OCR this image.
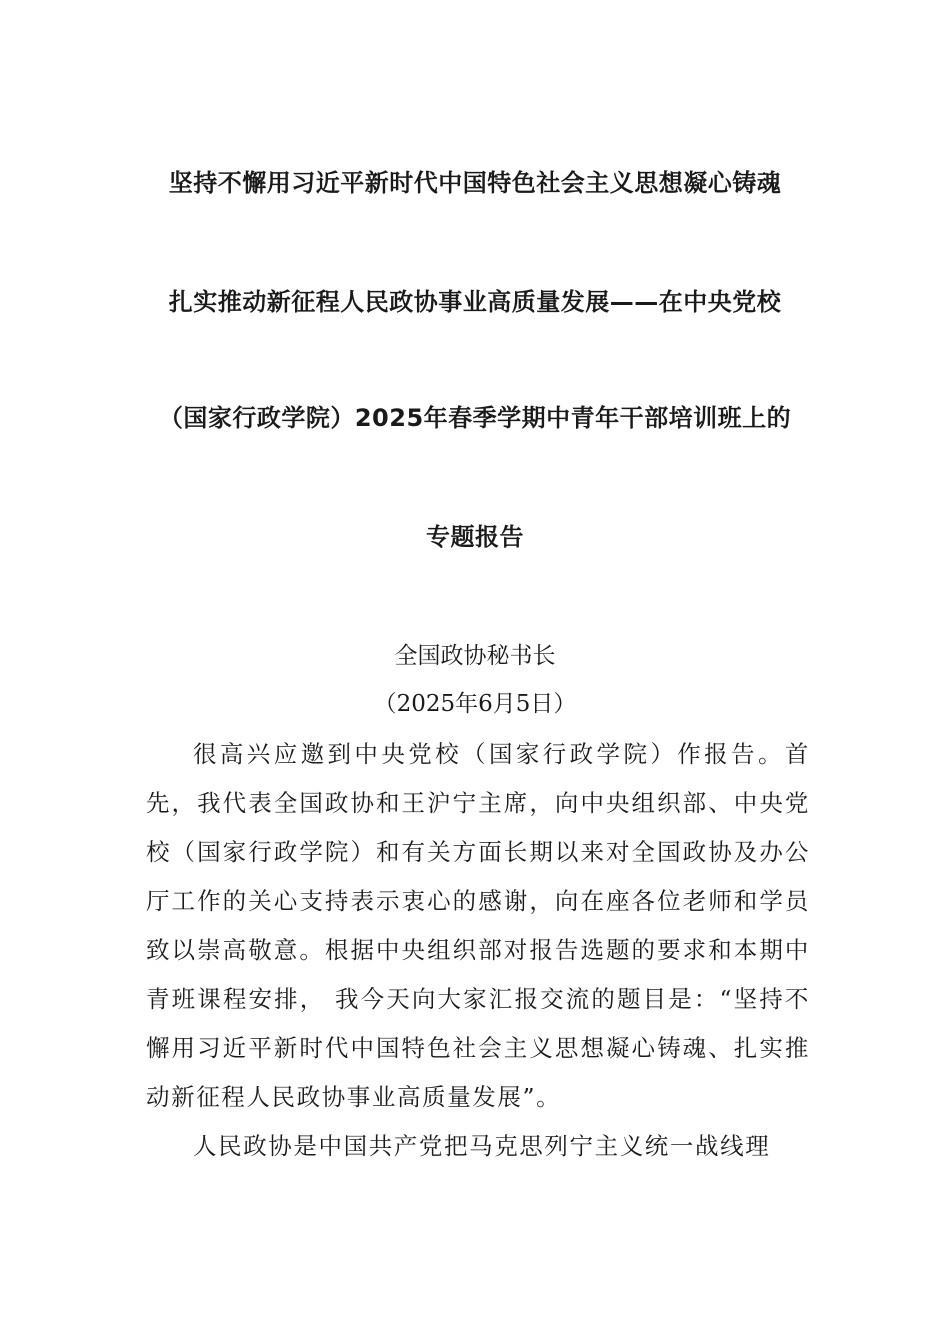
坚持不懈用习近平新时代中国特色社会主义思想凝心铸魂
扎实推动新征程人民政协事业高质量发展——在中央党校
（国家行政学院）2025年春季学期中青年干部培训班上的
专题报告
全国政协秘书长
（2025年6月5日）

很高兴应邀到中央党校（国家行政学院）作报告。首先，我代表全国政协和王沪宁主席，向中央组织部、中央党校（国家行政学院）和有关方面长期以来对全国政协及办公厅工作的关心支持表示衷心的感谢，向在座各位老师和学员致以崇高敬意。根据中央组织部对报告选题的要求和本期中青班课程安排， 我今天向大家汇报交流的题目是：“坚持不懈用习近平新时代中国特色社会主义思想凝心铸魂、扎实推动新征程人民政协事业高质量发展”。

人民政协是中国共产党把马克思列宁主义统一战线理
